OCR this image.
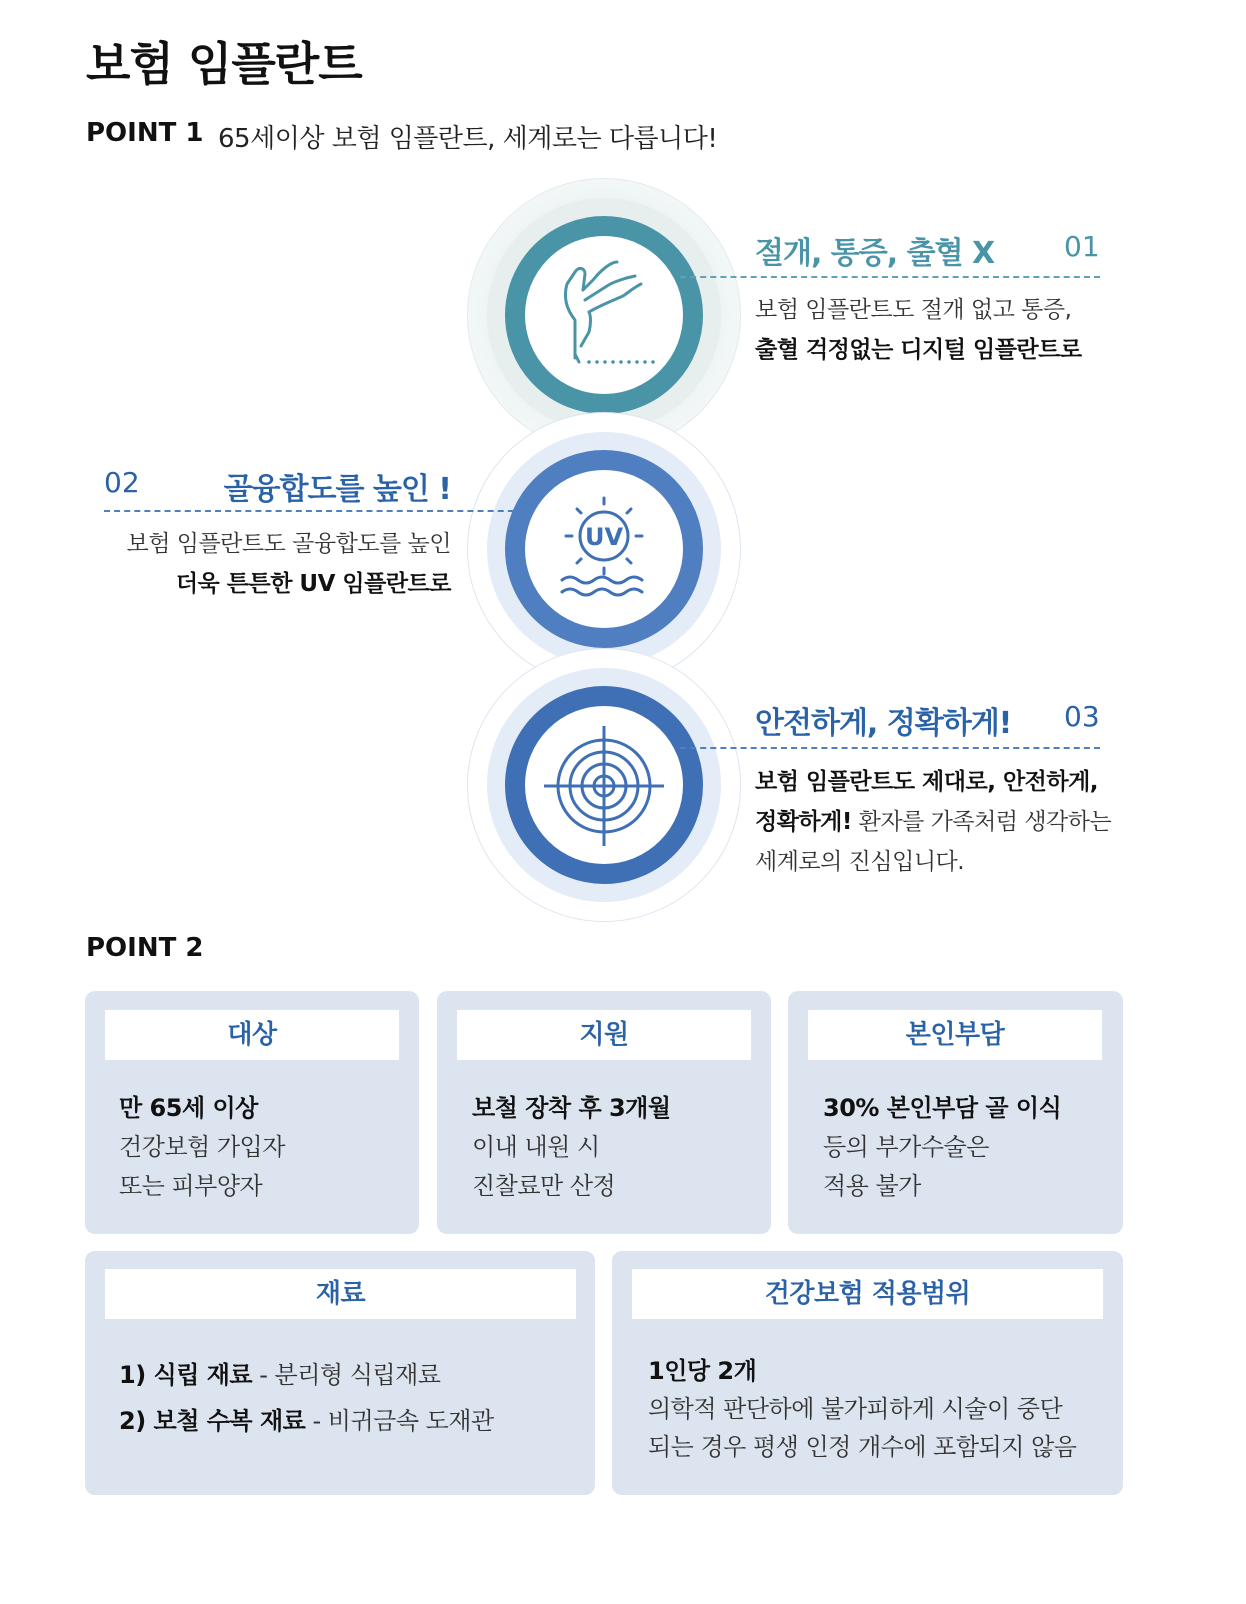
보험 임플란트
POINT 1 65세이상 보험 임플란트, 세계로는 다릅니다!
절개, 통증, 출혈 X 01
보험 임플란트도 절개 없고 통증,
출혈 걱정없는 디지털 임플란트로
UV
02	골융합도를 높인 !
보험 임플란트도 골융합도를 높인
더욱 튼튼한 UV 임플란트로
안전하게, 정확하게! 03
보험 임플란트도 제대로, 안전하게,
정확하게! 환자를 가족처럼 생각하는
세계로의 진심입니다.
POINT 2
대상
만 65세 이상
건강보험 가입자
또는 피부양자
지원
보철 장착 후 3개월
이내 내원 시
진찰료만 산정
본인부담
30% 본인부담 골 이식
등의 부가수술은
적용 불가
재료
1) 식립 재료 - 분리형 식립재료
2) 보철 수복 재료 - 비귀금속 도재관
건강보험 적용범위
1인당 2개
의학적 판단하에 불가피하게 시술이 중단
되는 경우 평생 인정 개수에 포함되지 않음
